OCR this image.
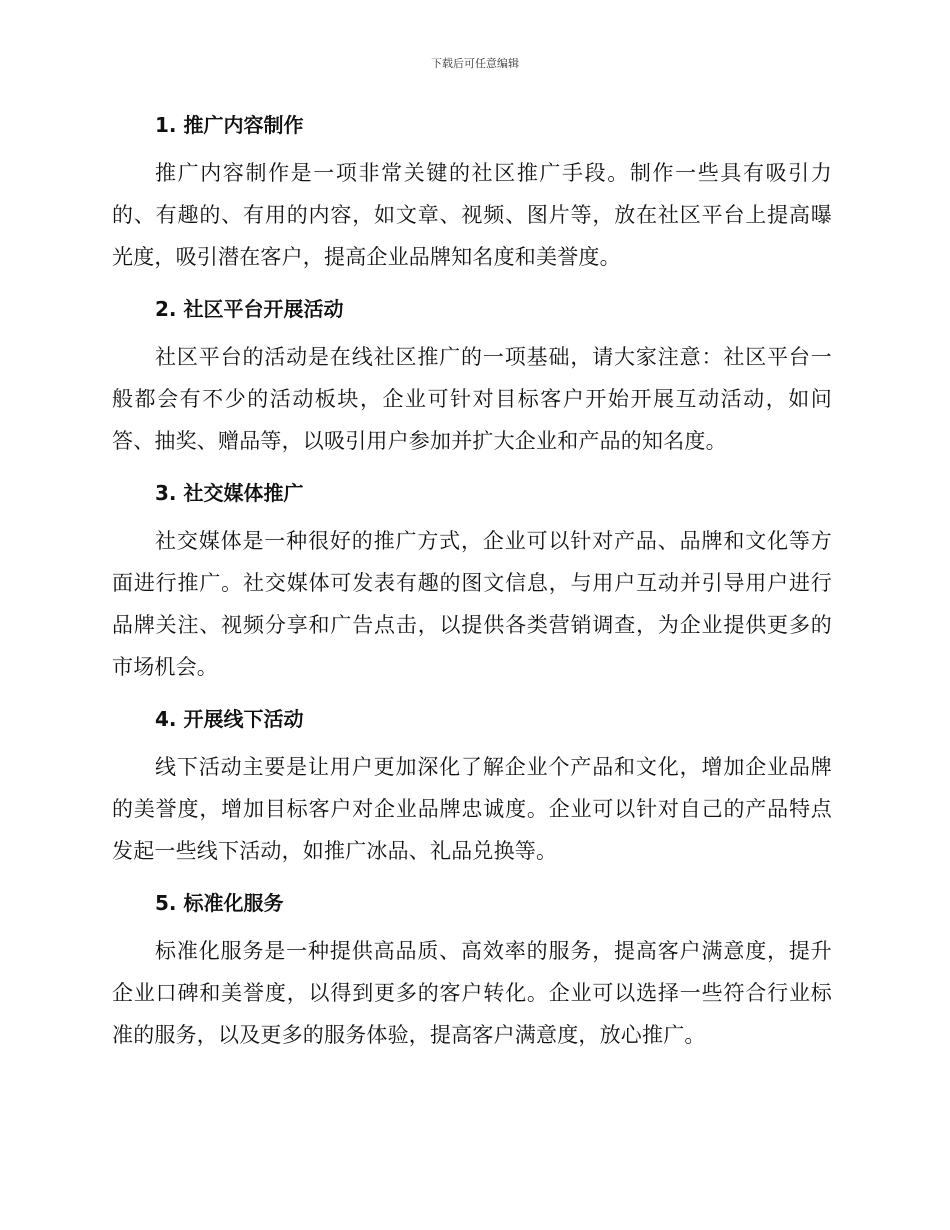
下载后可任意编辑

1. 推广内容制作

推广内容制作是一项非常关键的社区推广手段。制作一些具有吸引力的、有趣的、有用的内容，如文章、视频、图片等，放在社区平台上提高曝光度，吸引潜在客户，提高企业品牌知名度和美誉度。

2. 社区平台开展活动

社区平台的活动是在线社区推广的一项基础，请大家注意：社区平台一般都会有不少的活动板块，企业可针对目标客户开始开展互动活动，如问答、抽奖、赠品等，以吸引用户参加并扩大企业和产品的知名度。

3. 社交媒体推广

社交媒体是一种很好的推广方式，企业可以针对产品、品牌和文化等方面进行推广。社交媒体可发表有趣的图文信息，与用户互动并引导用户进行品牌关注、视频分享和广告点击，以提供各类营销调查，为企业提供更多的市场机会。

4. 开展线下活动

线下活动主要是让用户更加深化了解企业个产品和文化，增加企业品牌的美誉度，增加目标客户对企业品牌忠诚度。企业可以针对自己的产品特点发起一些线下活动，如推广冰品、礼品兑换等。

5. 标准化服务

标准化服务是一种提供高品质、高效率的服务，提高客户满意度，提升企业口碑和美誉度，以得到更多的客户转化。企业可以选择一些符合行业标准的服务，以及更多的服务体验，提高客户满意度，放心推广。
